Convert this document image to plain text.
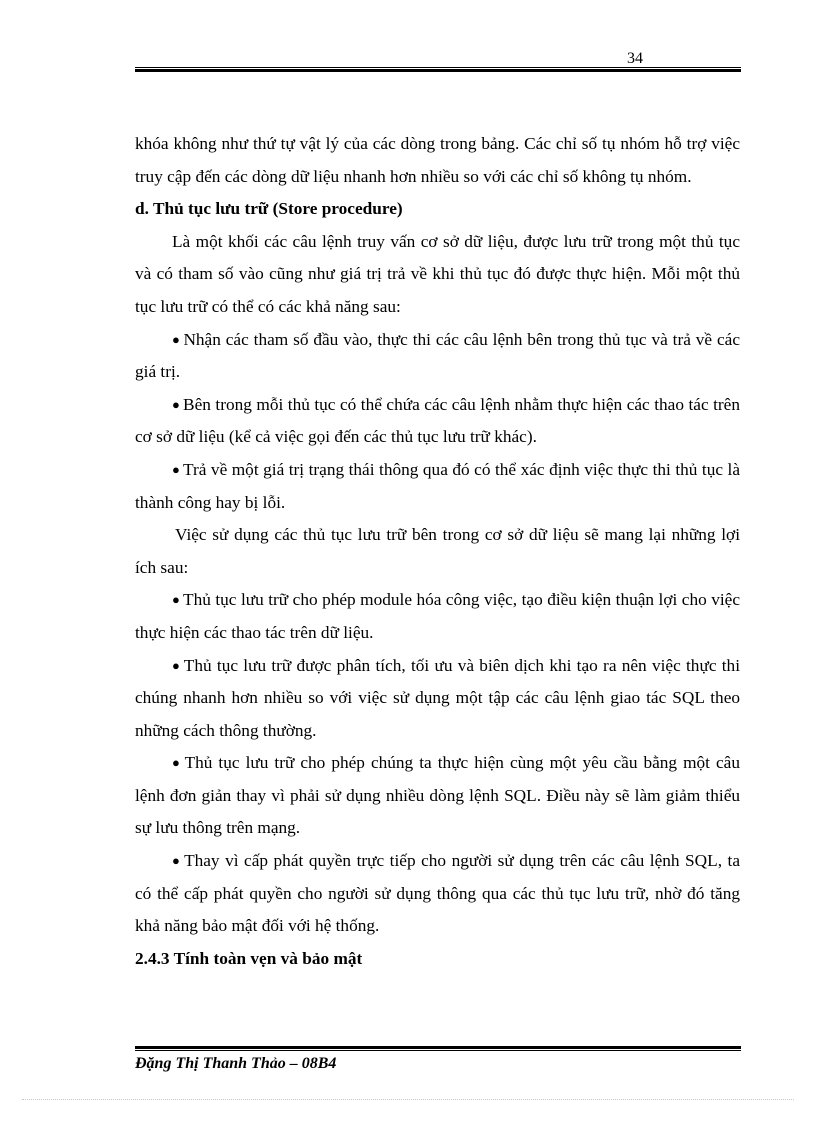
34

khóa không như thứ tự vật lý của các dòng trong bảng. Các chỉ số tụ nhóm hỗ trợ việc truy cập đến các dòng dữ liệu nhanh hơn nhiều so với các chỉ số không tụ nhóm.

d. Thủ tục lưu trữ (Store procedure)

Là một khối các câu lệnh truy vấn cơ sở dữ liệu, được lưu trữ trong một thủ tục và có tham số vào cũng như giá trị trả về khi thủ tục đó được thực hiện. Mỗi một thủ tục lưu trữ có thể có các khả năng sau:

● Nhận các tham số đầu vào, thực thi các câu lệnh bên trong thủ tục và trả về các giá trị.

● Bên trong mỗi thủ tục có thể chứa các câu lệnh nhằm thực hiện các thao tác trên cơ sở dữ liệu (kể cả việc gọi đến các thủ tục lưu trữ khác).

● Trả về một giá trị trạng thái thông qua đó có thể xác định việc thực thi thủ tục là thành công hay bị lỗi.

Việc sử dụng các thủ tục lưu trữ bên trong cơ sở dữ liệu sẽ mang lại những lợi ích sau:

● Thủ tục lưu trữ cho phép module hóa công việc, tạo điều kiện thuận lợi cho việc thực hiện các thao tác trên dữ liệu.

● Thủ tục lưu trữ được phân tích, tối ưu và biên dịch khi tạo ra nên việc thực thi chúng nhanh hơn nhiều so với việc sử dụng một tập các câu lệnh giao tác SQL theo những cách thông thường.

● Thủ tục lưu trữ cho phép chúng ta thực hiện cùng một yêu cầu bằng một câu lệnh đơn giản thay vì phải sử dụng nhiều dòng lệnh SQL. Điều này sẽ làm giảm thiểu sự lưu thông trên mạng.

● Thay vì cấp phát quyền trực tiếp cho người sử dụng trên các câu lệnh SQL, ta có thể cấp phát quyền cho người sử dụng thông qua các thủ tục lưu trữ, nhờ đó tăng khả năng bảo mật đối với hệ thống.

2.4.3 Tính toàn vẹn và bảo mật

Đặng Thị Thanh Thảo – 08B4
